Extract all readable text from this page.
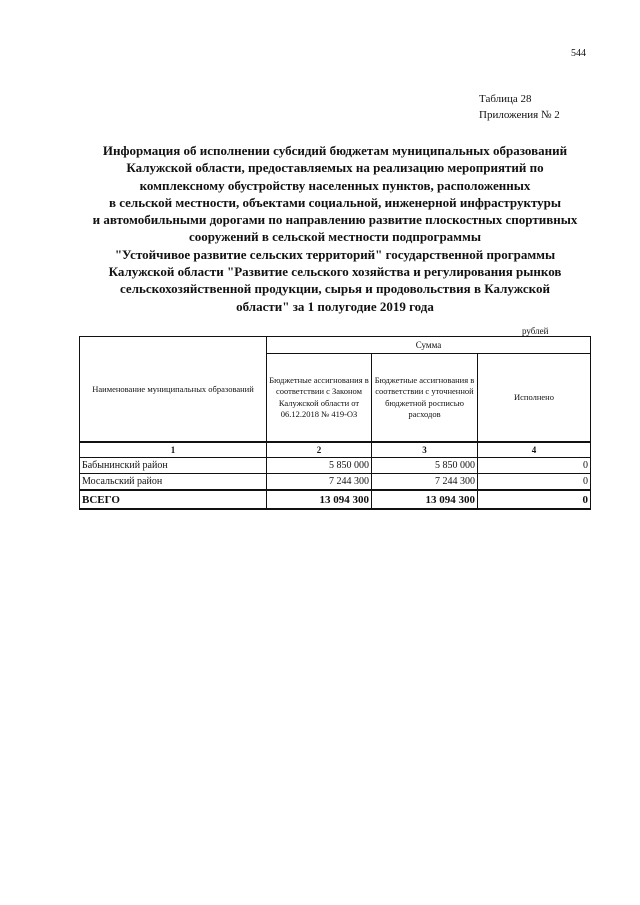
544
Таблица 28
Приложения № 2
Информация об исполнении субсидий бюджетам муниципальных образований
Калужской области, предоставляемых на реализацию мероприятий по
комплексному обустройству населенных пунктов, расположенных
в сельской местности, объектами социальной, инженерной инфраструктуры
и автомобильными дорогами по направлению развитие плоскостных спортивных
сооружений в сельской местности подпрограммы
"Устойчивое развитие сельских территорий" государственной программы
Калужской области "Развитие сельского хозяйства и регулирования рынков
сельскохозяйственной продукции, сырья и продовольствия в Калужской
области" за 1 полугодие 2019 года
рублей
Наименование муниципальных образований	Сумма		
	Бюджетные ассигнования в соответствии с Законом Калужской области от 06.12.2018 № 419-ОЗ	Бюджетные ассигнования в соответствии с уточненной бюджетной росписью расходов	Исполнено
1	2	3	4
Бабынинский район	5 850 000	5 850 000	0
Мосальский район	7 244 300	7 244 300	0
ВСЕГО	13 094 300	13 094 300	0
